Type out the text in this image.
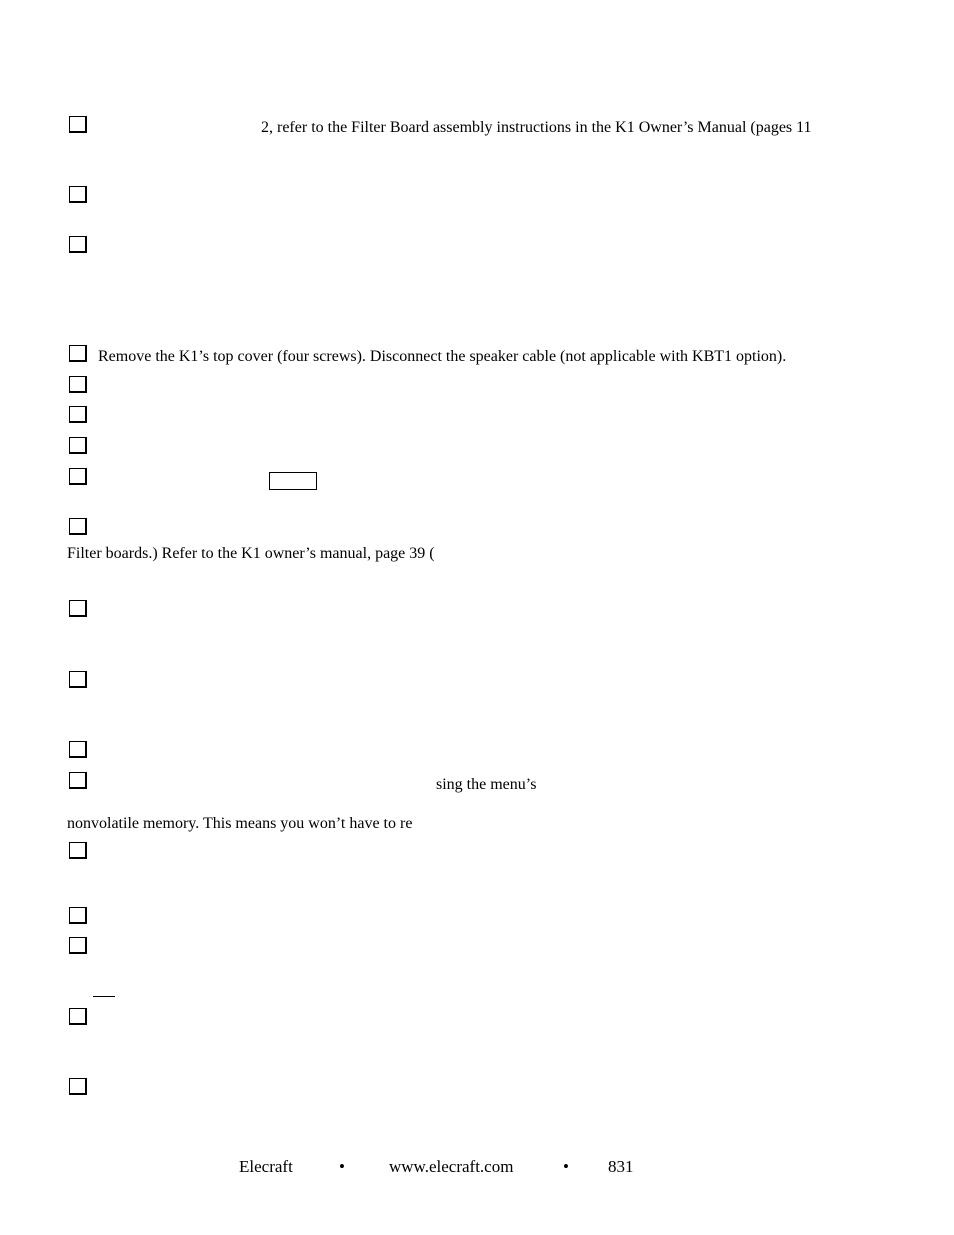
2, refer to the Filter Board assembly instructions in the K1 Owner’s Manual (pages 11
Remove the K1’s top cover (four screws). Disconnect the speaker cable (not applicable with KBT1 option).
Filter boards.) Refer to the K1 owner’s manual, page 39 (
sing the menu’s
nonvolatile memory. This means you won’t have to re
Elecraft	•	www.elecraft.com	• 831
